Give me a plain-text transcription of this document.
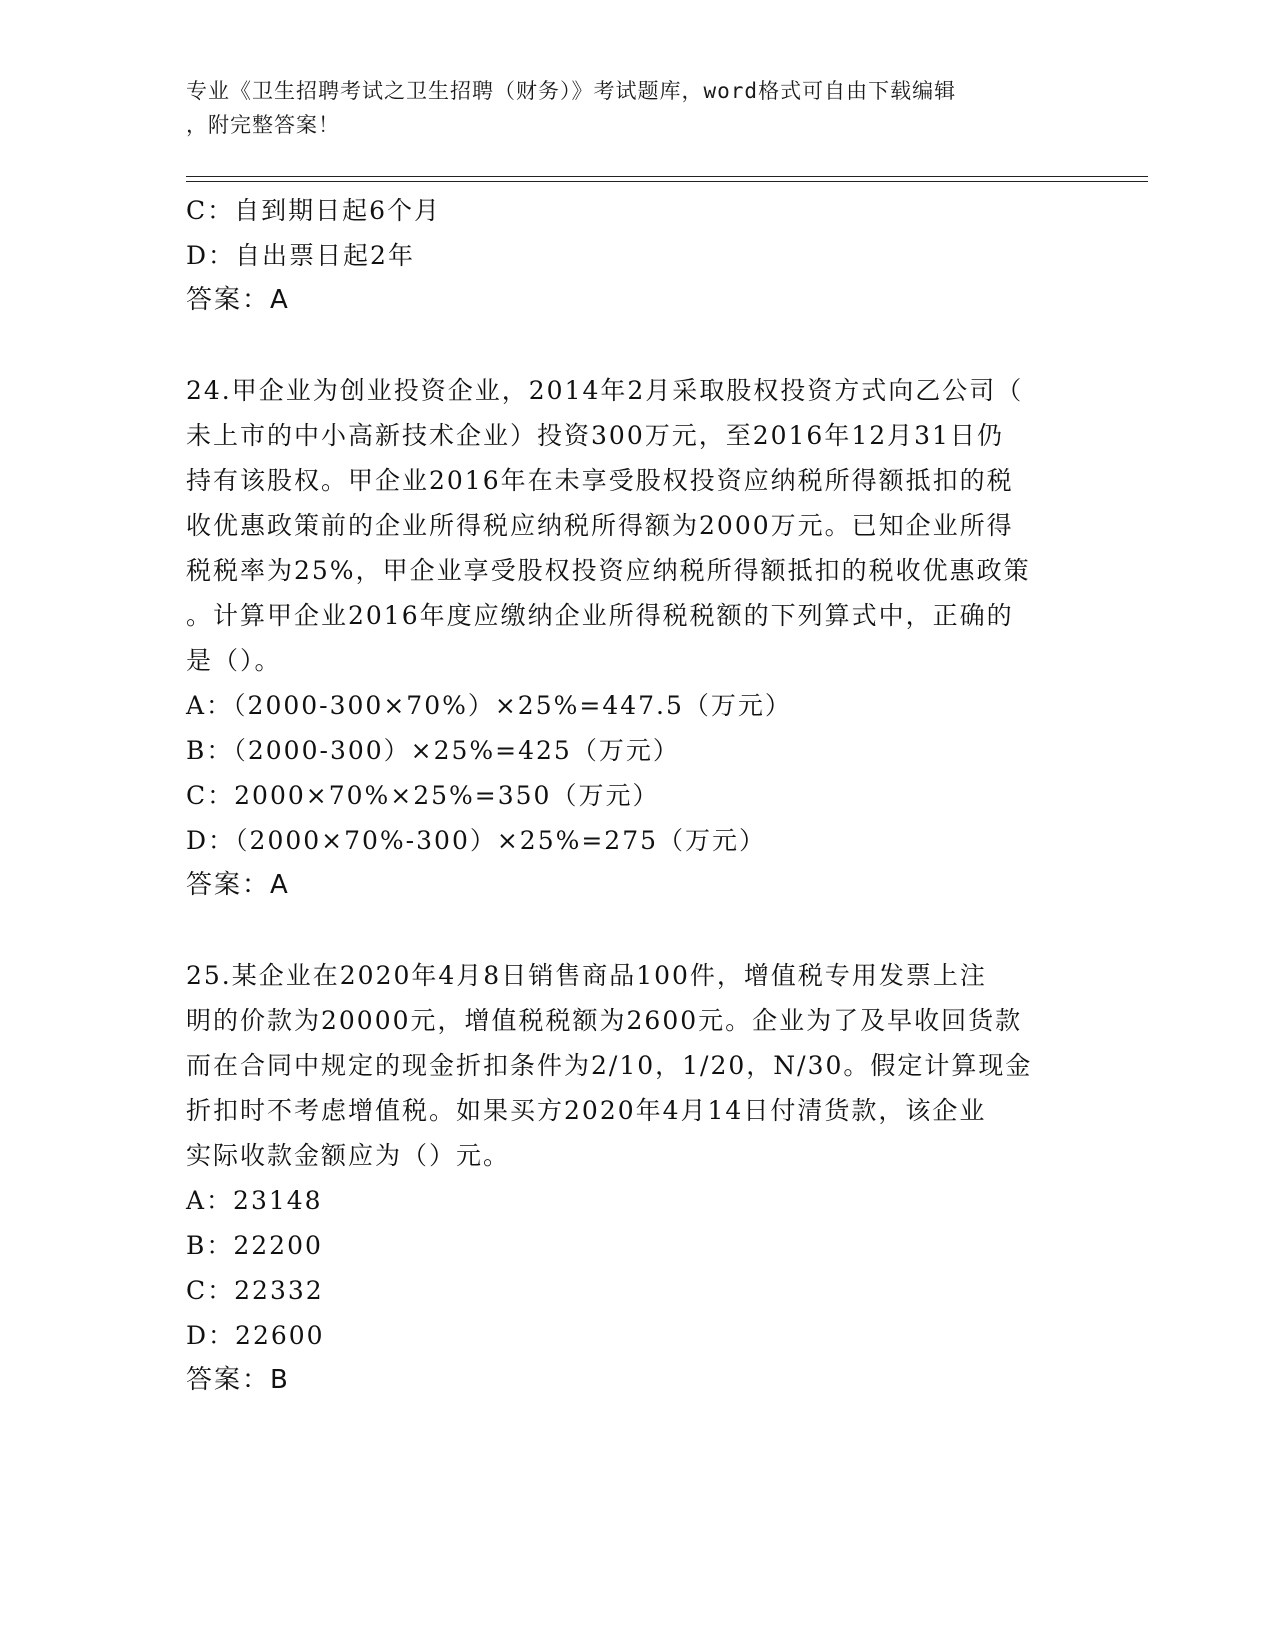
专业《卫生招聘考试之卫生招聘（财务）》考试题库，word格式可自由下载编辑
，附完整答案！
C：自到期日起6个月
D：自出票日起2年
答案：A
24.甲企业为创业投资企业，2014年2月采取股权投资方式向乙公司（
未上市的中小高新技术企业）投资300万元，至2016年12月31日仍
持有该股权。甲企业2016年在未享受股权投资应纳税所得额抵扣的税
收优惠政策前的企业所得税应纳税所得额为2000万元。已知企业所得
税税率为25%，甲企业享受股权投资应纳税所得额抵扣的税收优惠政策
。计算甲企业2016年度应缴纳企业所得税税额的下列算式中，正确的
是（）。
A：（2000-300×70%）×25%=447.5（万元）
B：（2000-300）×25%=425（万元）
C：2000×70%×25%=350（万元）
D：（2000×70%-300）×25%=275（万元）
答案：A
25.某企业在2020年4月8日销售商品100件，增值税专用发票上注
明的价款为20000元，增值税税额为2600元。企业为了及早收回货款
而在合同中规定的现金折扣条件为2/10，1/20，N/30。假定计算现金
折扣时不考虑增值税。如果买方2020年4月14日付清货款，该企业
实际收款金额应为（）元。
A：23148
B：22200
C：22332
D：22600
答案：B
